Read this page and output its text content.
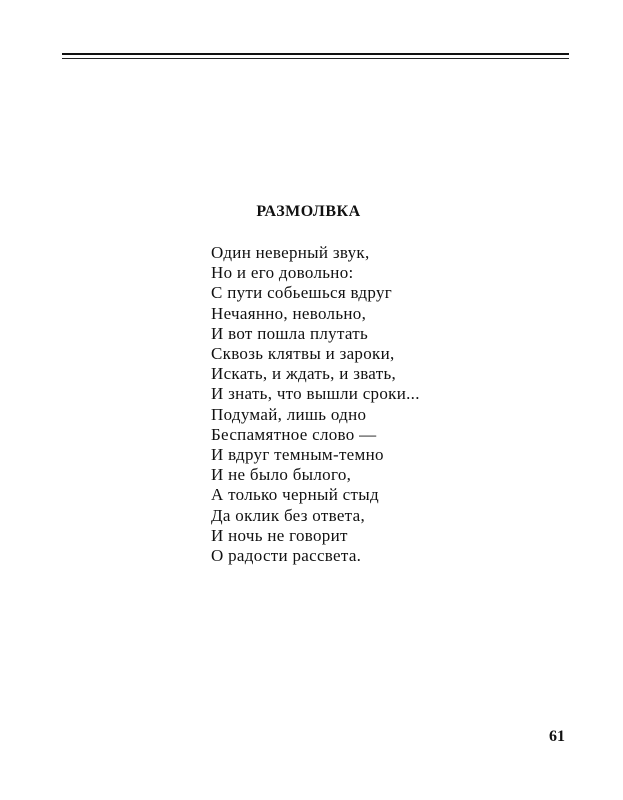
РАЗМОЛВКА
Один неверный звук,
Но и его довольно:
С пути собьешься вдруг
Нечаянно, невольно,
И вот пошла плутать
Сквозь клятвы и зароки,
Искать, и ждать, и звать,
И знать, что вышли сроки...
Подумай, лишь одно
Беспамятное слово —
И вдруг темным-темно
И не было былого,
А только черный стыд
Да оклик без ответа,
И ночь не говорит
О радости рассвета.
61
